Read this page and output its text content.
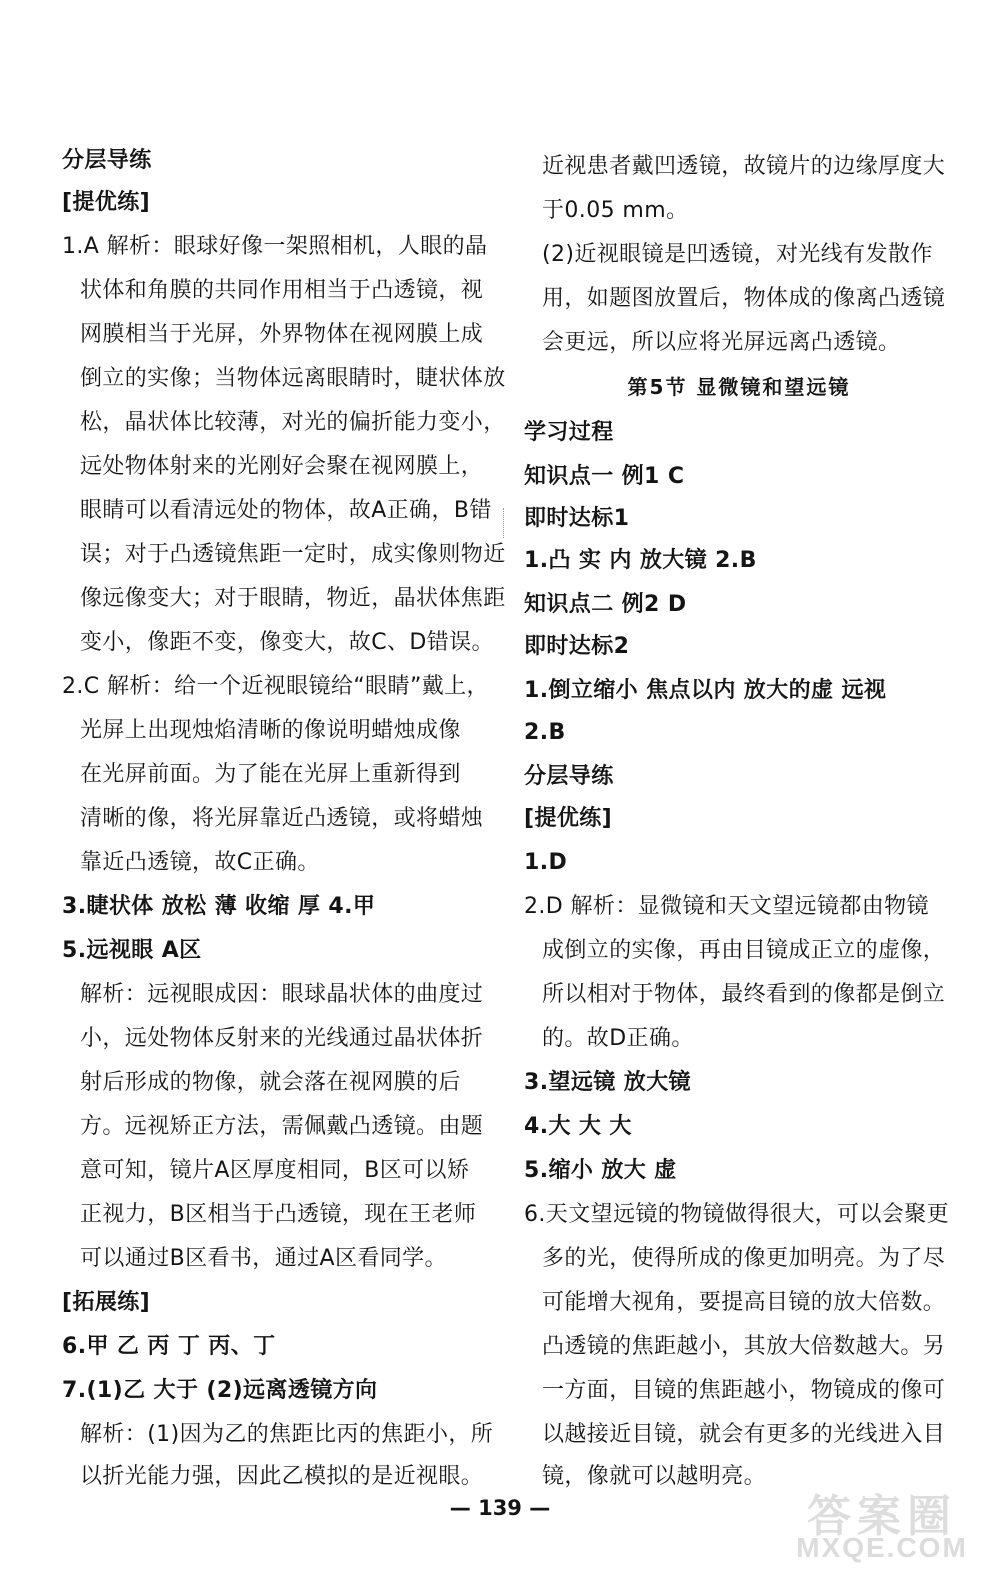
分层导练
[提优练]
1.A 解析：眼球好像一架照相机，人眼的晶
状体和角膜的共同作用相当于凸透镜，视
网膜相当于光屏，外界物体在视网膜上成
倒立的实像；当物体远离眼睛时，睫状体放
松，晶状体比较薄，对光的偏折能力变小，
远处物体射来的光刚好会聚在视网膜上，
眼睛可以看清远处的物体，故A正确，B错
误；对于凸透镜焦距一定时，成实像则物近
像远像变大；对于眼睛，物近，晶状体焦距
变小，像距不变，像变大，故C、D错误。
2.C 解析：给一个近视眼镜给“眼睛”戴上，
光屏上出现烛焰清晰的像说明蜡烛成像
在光屏前面。为了能在光屏上重新得到
清晰的像，将光屏靠近凸透镜，或将蜡烛
靠近凸透镜，故C正确。
3.睫状体 放松 薄 收缩 厚 4.甲
5.远视眼 A区
解析：远视眼成因：眼球晶状体的曲度过
小，远处物体反射来的光线通过晶状体折
射后形成的物像，就会落在视网膜的后
方。远视矫正方法，需佩戴凸透镜。由题
意可知，镜片A区厚度相同，B区可以矫
正视力，B区相当于凸透镜，现在王老师
可以通过B区看书，通过A区看同学。
[拓展练]
6.甲 乙 丙 丁 丙、丁
7.(1)乙 大于 (2)远离透镜方向
解析：(1)因为乙的焦距比丙的焦距小，所
以折光能力强，因此乙模拟的是近视眼。
近视患者戴凹透镜，故镜片的边缘厚度大
于0.05 mm。
(2)近视眼镜是凹透镜，对光线有发散作
用，如题图放置后，物体成的像离凸透镜
会更远，所以应将光屏远离凸透镜。
第5节 显微镜和望远镜
学习过程
知识点一 例1 C
即时达标1
1.凸 实 内 放大镜 2.B
知识点二 例2 D
即时达标2
1.倒立缩小 焦点以内 放大的虚 远视
2.B
分层导练
[提优练]
1.D
2.D 解析：显微镜和天文望远镜都由物镜
成倒立的实像，再由目镜成正立的虚像，
所以相对于物体，最终看到的像都是倒立
的。故D正确。
3.望远镜 放大镜
4.大 大 大
5.缩小 放大 虚
6.天文望远镜的物镜做得很大，可以会聚更
多的光，使得所成的像更加明亮。为了尽
可能增大视角，要提高目镜的放大倍数。
凸透镜的焦距越小，其放大倍数越大。另
一方面，目镜的焦距越小，物镜成的像可
以越接近目镜，就会有更多的光线进入目
镜，像就可以越明亮。
— 139 —	答案圈
MXQE.COM
